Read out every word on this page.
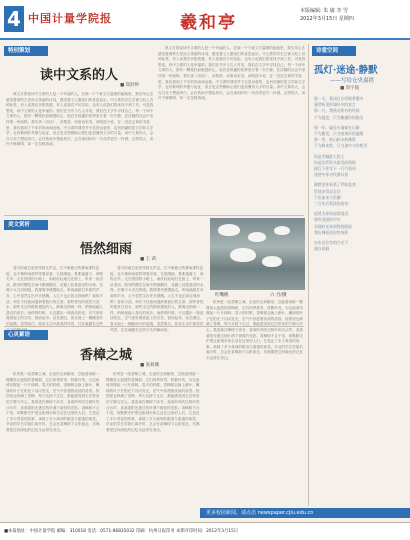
4 中国计量学院报	羲和亭
本版编辑: 朱 敏 李 雪
2012年3月15日 星期四
特别策划
美文赏析
心灵絮语
诗意空间
读中文系的人
■ 郑舒婷
林文月曾说读中文系的人是一个幸福的人。在那一个个被文字温暖的夜晚里，我们用心去感受着那些古老而又美丽的诗词，感受着文人墨客们的喜怒哀乐。中文系的学生总被人贴上各种标签，有人说我们多愁善感，有人说我们不切实际，也有人说我们将来找不到工作。可是我想说，读中文系的人是幸福的。我们在书中与古人对话，我们在文字中寻找自己。每一个读中文系的人，都有一颗柔软而敏感的心，他们在喧嚣的世界里守着一份宁静，在浮躁的社会中坚持着一份纯粹。我们读《诗经》，读楚辞，读唐诗宋词，读明清小说，在一页页泛黄的书卷里，我们看到了千年的风雨和沧桑。中文系的课堂并不总是诗意的，也有枯燥的语言学和文字学，也有繁琐的考据与论证，但正是这些磨砺让我们更加懂得文字的分量。读中文系的人，会在月光下想起李白，会在秋雨中想起易安，会在离别时吟一句劝君更尽一杯酒。这样的人，或许不够精明，却一定足够真诚。
林文月曾说读中文系的人是一个幸福的人。在那一个个被文字温暖的夜晚里，我们用心去感受着那些古老而又美丽的诗词，感受着文人墨客们的喜怒哀乐。中文系的学生总被人贴上各种标签，有人说我们多愁善感，有人说我们不切实际，也有人说我们将来找不到工作。可是我想说，读中文系的人是幸福的。我们在书中与古人对话，我们在文字中寻找自己。每一个读中文系的人，都有一颗柔软而敏感的心，他们在喧嚣的世界里守着一份宁静，在浮躁的社会中坚持着一份纯粹。我们读《诗经》，读楚辞，读唐诗宋词，读明清小说，在一页页泛黄的书卷里，我们看到了千年的风雨和沧桑。中文系的课堂并不总是诗意的，也有枯燥的语言学和文字学，也有繁琐的考据与论证，但正是这些磨砺让我们更加懂得文字的分量。读中文系的人，会在月光下想起李白，会在秋雨中想起易安，会在离别时吟一句劝君更尽一杯酒。这样的人，或许不够精明，却一定足够真诚。
悟然细雨
■ 王 莉
春天的雨总是来得悄无声息，它不像夏日的暴雨那样急促，也不像秋雨那样带着凉意，它细细地、柔柔地落下，润物无声。走在校园的小路上，雨丝轻轻地打在脸上，带来一丝清凉。路旁的樱花在雨中微微颤抖，花瓣上挂着晶莹的水珠，仿佛少女含泪的眼。我撑着伞慢慢地走，听雨滴敲打伞面的声音，心中忽然生出许多感慨。人生不也正如这细雨吗？看似平淡，却在不经意间滋润着我们的生命。那些曾经的欢笑与泪水，那些走过的路和遇见的人，都像这细雨一样，悄悄地融入我们的成长。雨停的时候，天边露出一抹淡淡的光，空气里弥漫着泥土的芬芳。我收起伞，站在湖边，看水面上一圈圈荡开的涟漪，忽然明白，原来生活中最美的风景，往往就藏在这些平凡的瞬间里。
春天的雨总是来得悄无声息，它不像夏日的暴雨那样急促，也不像秋雨那样带着凉意，它细细地、柔柔地落下，润物无声。走在校园的小路上，雨丝轻轻地打在脸上，带来一丝清凉。路旁的樱花在雨中微微颤抖，花瓣上挂着晶莹的水珠，仿佛少女含泪的眼。我撑着伞慢慢地走，听雨滴敲打伞面的声音，心中忽然生出许多感慨。人生不也正如这细雨吗？看似平淡，却在不经意间滋润着我们的生命。那些曾经的欢笑与泪水，那些走过的路和遇见的人，都像这细雨一样，悄悄地融入我们的成长。雨停的时候，天边露出一抹淡淡的光，空气里弥漫着泥土的芬芳。我收起伞，站在湖边，看水面上一圈圈荡开的涟漪，忽然明白，原来生活中最美的风景，往往就藏在这些平凡的瞬间里。
红嘴鸥	六 月/摄
香樟之城
■ 张莉娜
杭州是一座香樟之城。无论你走到哪里，总能看到那一棵棵高大挺拔的香樟树，它们四季常青，枝繁叶茂，为这座城市撑起一片片绿荫。春天的时候，香樟树会换上新叶，嫩绿的叶子在阳光下闪闪发光，空气中弥漫着淡淡的清香。校园里也种满了香樟，每天从树下走过，都能感受到它们带来的宁静与安心。我喜欢在樟树下读书，喜欢听风吹过树叶的沙沙声，喜欢看阳光透过枝叶洒下斑驳的光影。香樟树不言不语，却默默守护着这座城市和生活在这里的人们。它见证了多少青春的故事，承载了多少离别的眼泪与重逢的欢笑。毕业的学长学姐们离开时，总会在香樟树下合影留念，仿佛要把这份绿色的记忆永远带在身边。
杭州是一座香樟之城。无论你走到哪里，总能看到那一棵棵高大挺拔的香樟树，它们四季常青，枝繁叶茂，为这座城市撑起一片片绿荫。春天的时候，香樟树会换上新叶，嫩绿的叶子在阳光下闪闪发光，空气中弥漫着淡淡的清香。校园里也种满了香樟，每天从树下走过，都能感受到它们带来的宁静与安心。我喜欢在樟树下读书，喜欢听风吹过树叶的沙沙声，喜欢看阳光透过枝叶洒下斑驳的光影。香樟树不言不语，却默默守护着这座城市和生活在这里的人们。它见证了多少青春的故事，承载了多少离别的眼泪与重逢的欢笑。毕业的学长学姐们离开时，总会在香樟树下合影留念，仿佛要把这份绿色的记忆永远带在身边。
杭州是一座香樟之城。无论你走到哪里，总能看到那一棵棵高大挺拔的香樟树，它们四季常青，枝繁叶茂，为这座城市撑起一片片绿荫。春天的时候，香樟树会换上新叶，嫩绿的叶子在阳光下闪闪发光，空气中弥漫着淡淡的清香。校园里也种满了香樟，每天从树下走过，都能感受到它们带来的宁静与安心。我喜欢在樟树下读书，喜欢听风吹过树叶的沙沙声，喜欢看阳光透过枝叶洒下斑驳的光影。香樟树不言不语，却默默守护着这座城市和生活在这里的人们。它见证了多少青春的故事，承载了多少离别的眼泪与重逢的欢笑。毕业的学长学姐们离开时，总会在香樟树下合影留念，仿佛要把这份绿色的记忆永远带在身边。
孤灯·迷途·静默
——写给仓央嘉措
■ 周宇航
那一天，我闭目在经殿香雾中
蓦然听见你诵经中的真言
那一月，我摇动所有的经筒
不为超度，只为触摸你的指尖
那一年，磕长头匍匐在山路
不为觐见，只为贴着你的温暖
那一世，转山转水转佛塔
不为修来世，只为途中与你相见
你是雪域最大的王
你是拉萨街头最美的情郎
孤灯下你写下一行行情诗
迷途中你寻找着归宿
静默里你看透了世间悲欢
世间安得双全法
不负如来不负卿
三百年后我读你的诗
依然为你的深情落泪
那些美丽的字句
穿越时光来到我的面前
我仿佛看见你的身影
在布达拉宫的月光下
独自徘徊
更多校园新闻，请点击 newspaper.cjlu.edu.cn
■本报地址：中国计量学院 邮编：310018 电话：0571-86835032 印刷：杭州日报印务 本期开印时间：2012年3月15日
